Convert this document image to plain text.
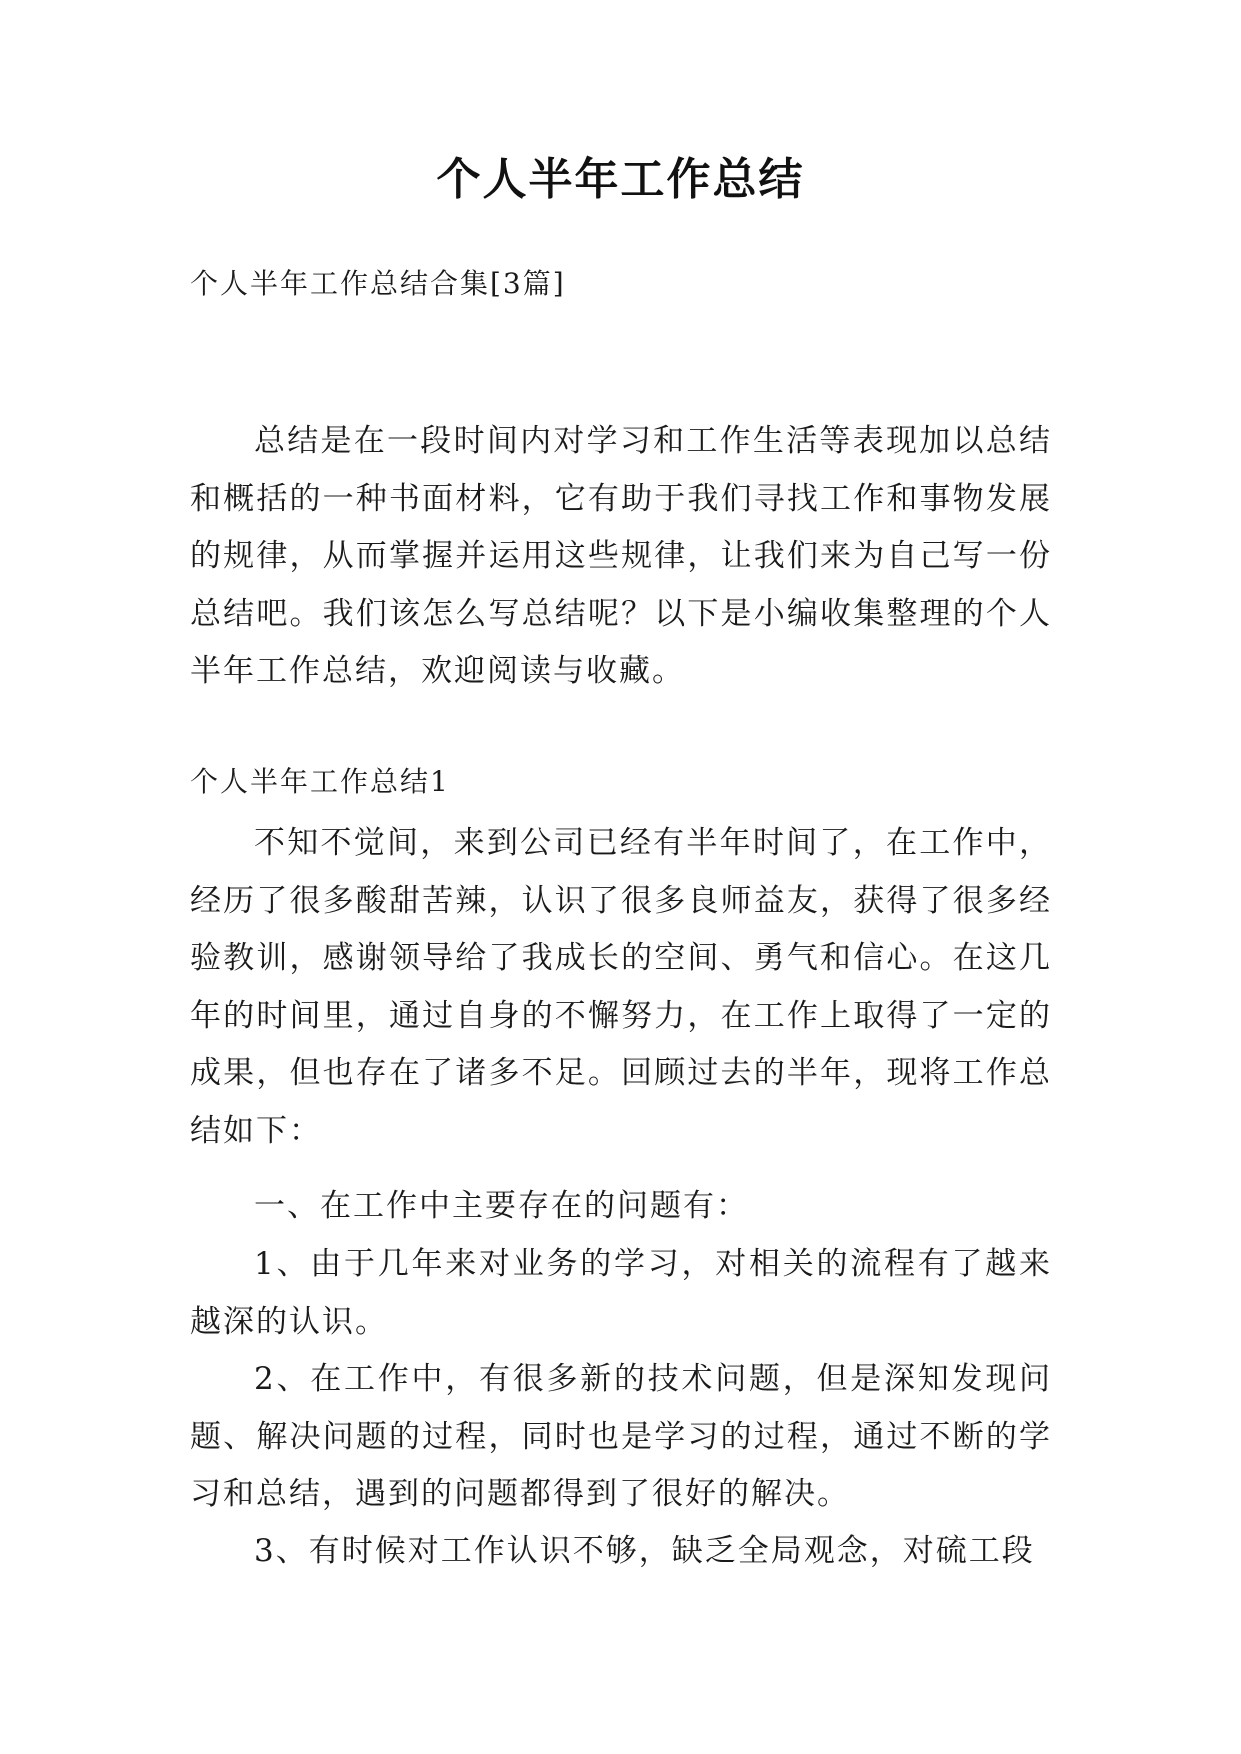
个人半年工作总结
个人半年工作总结合集[3篇]

总结是在一段时间内对学习和工作生活等表现加以总结和概括的一种书面材料，它有助于我们寻找工作和事物发展的规律，从而掌握并运用这些规律，让我们来为自己写一份总结吧。我们该怎么写总结呢？以下是小编收集整理的个人半年工作总结，欢迎阅读与收藏。

个人半年工作总结1

不知不觉间，来到公司已经有半年时间了，在工作中，经历了很多酸甜苦辣，认识了很多良师益友，获得了很多经验教训，感谢领导给了我成长的空间、勇气和信心。在这几年的时间里，通过自身的不懈努力，在工作上取得了一定的成果，但也存在了诸多不足。回顾过去的半年，现将工作总结如下：

一、在工作中主要存在的问题有：

1、由于几年来对业务的学习，对相关的流程有了越来越深的认识。

2、在工作中，有很多新的技术问题，但是深知发现问题、解决问题的过程，同时也是学习的过程，通过不断的学习和总结，遇到的问题都得到了很好的解决。

3、有时候对工作认识不够，缺乏全局观念，对硫工段
